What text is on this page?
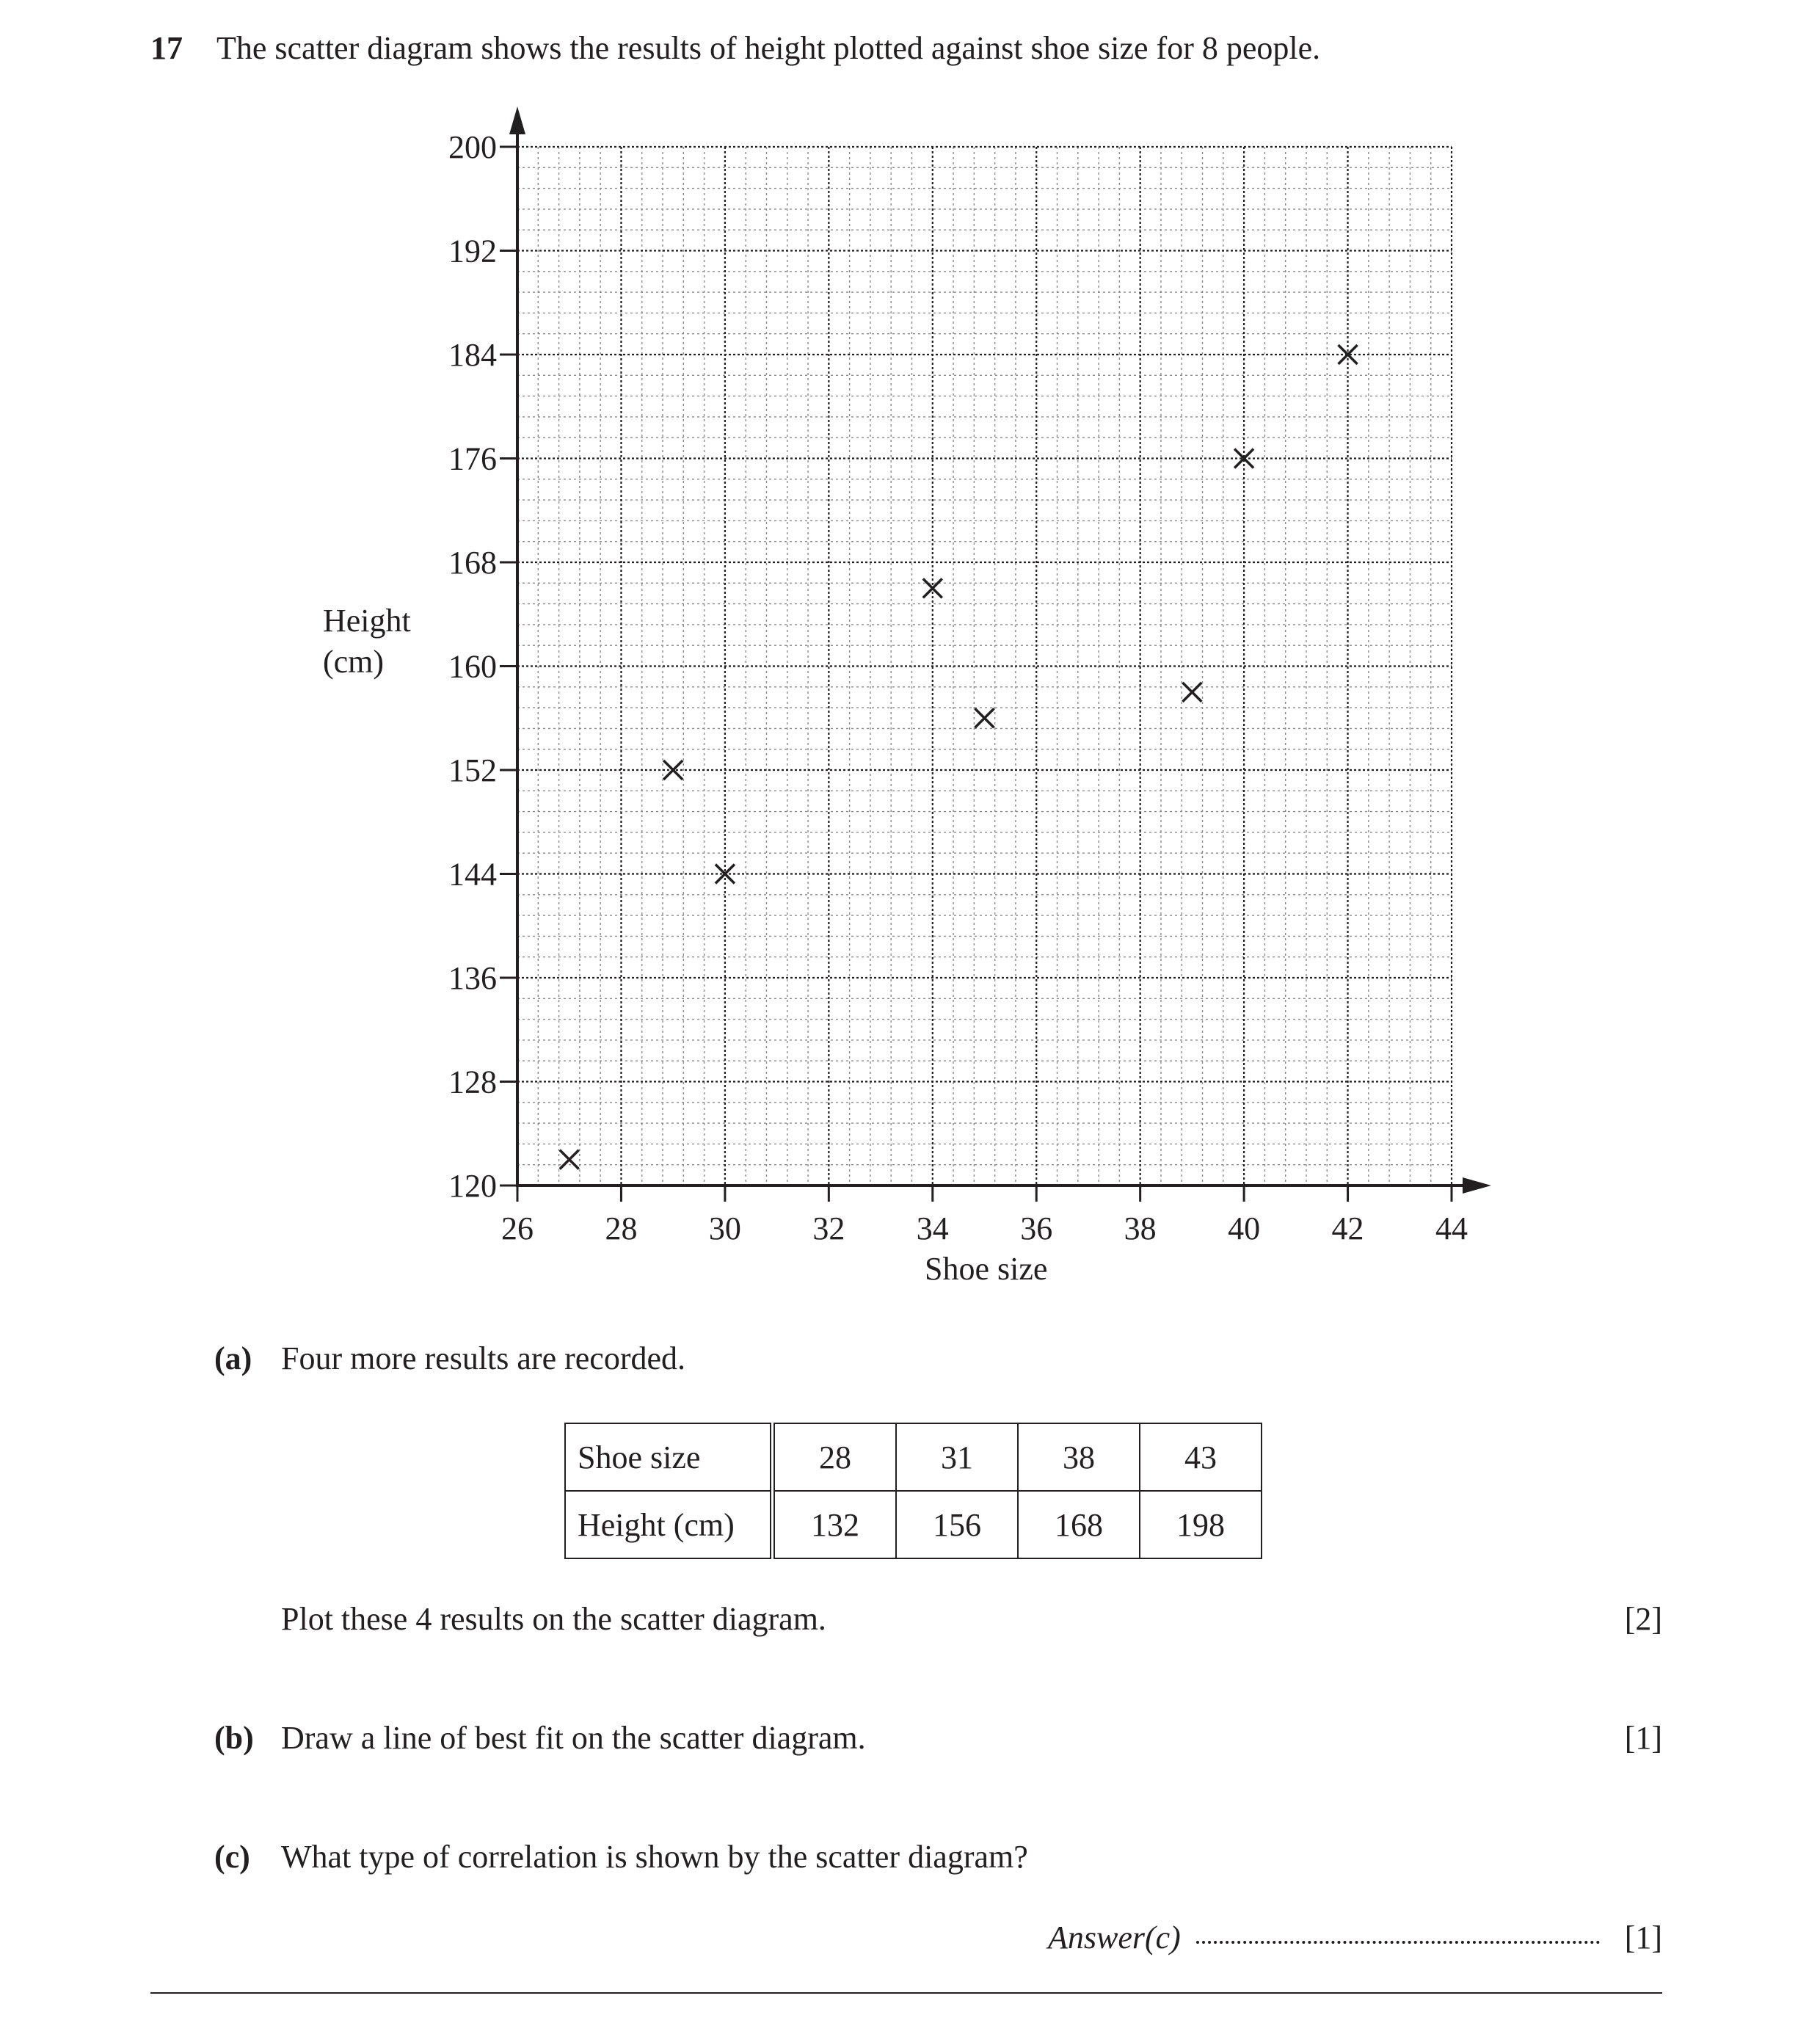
17 The scatter diagram shows the results of height plotted against shoe size for 8 people.
120
128
136
144
152
160
168
176
184
192
200
26 28 30 32 34 36 38 40 42 44
Height
(cm)
Shoe size
(a) Four more results are recorded.
Shoe size	28	31	38	43
Height (cm)	132	156	168	198
Plot these 4 results on the scatter diagram.	[2]
(b) Draw a line of best fit on the scatter diagram.	[1]
(c) What type of correlation is shown by the scatter diagram?
Answer(c)	[1]
